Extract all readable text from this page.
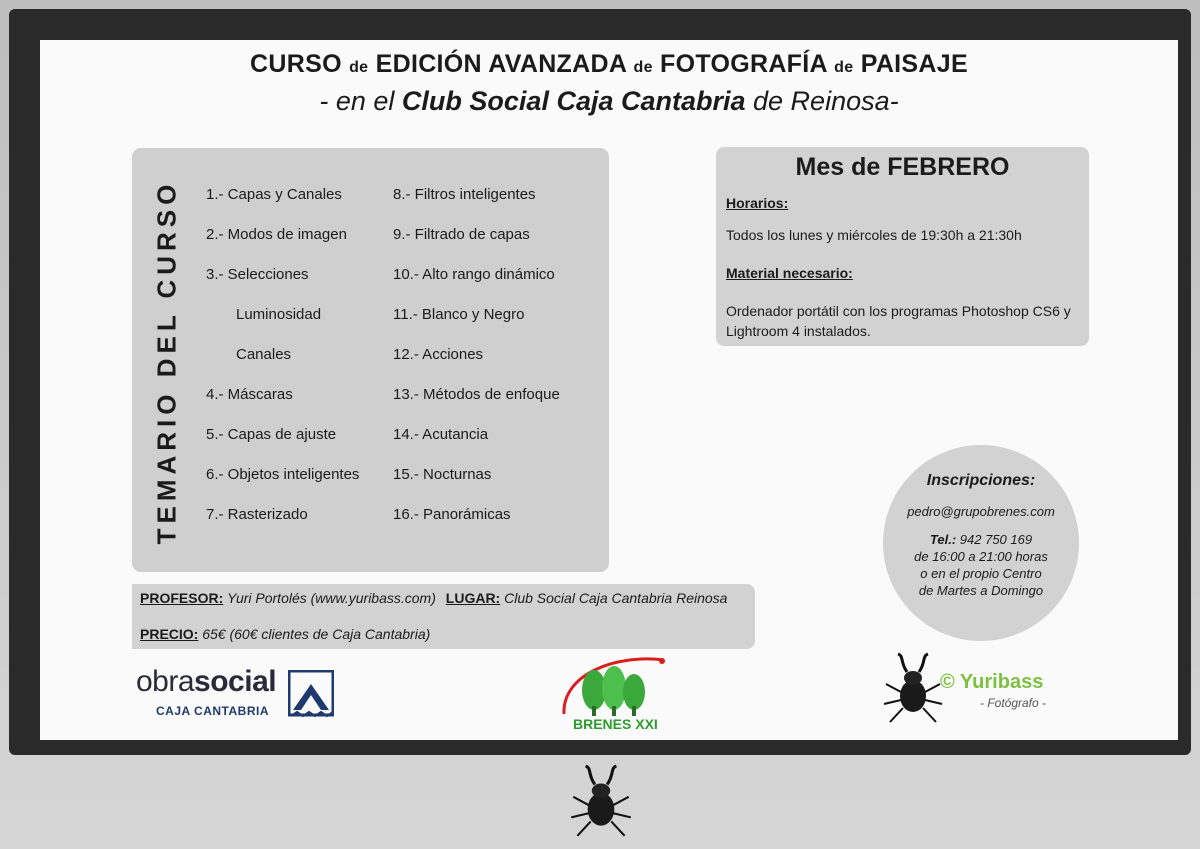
CURSO de EDICIÓN AVANZADA de FOTOGRAFÍA de PAISAJE
- en el Club Social Caja Cantabria de Reinosa-
TEMARIO DEL CURSO	1.- Capas y Canales
2.- Modos de imagen
3.- Selecciones
Luminosidad
Canales
4.- Máscaras
5.- Capas de ajuste
6.- Objetos inteligentes
7.- Rasterizado
8.- Filtros inteligentes
9.- Filtrado de capas
10.- Alto rango dinámico
11.- Blanco y Negro
12.- Acciones
13.- Métodos de enfoque
14.- Acutancia
15.- Nocturnas
16.- Panorámicas
Mes de FEBRERO
Horarios:
Todos los lunes y miércoles de 19:30h a 21:30h
Material necesario:
Ordenador portátil con los programas Photoshop CS6 y Lightroom 4 instalados.
PROFESOR: Yuri Portolés (www.yuribass.com) LUGAR: Club Social Caja Cantabria Reinosa
PRECIO: 65€ (60€ clientes de Caja Cantabria)
Inscripciones:
pedro@grupobrenes.com
Tel.: 942 750 169
de 16:00 a 21:00 horas
o en el propio Centro
de Martes a Domingo
obrasocial
CAJA CANTABRIA
BRENES XXI
© Yuribass
- Fotógrafo -
